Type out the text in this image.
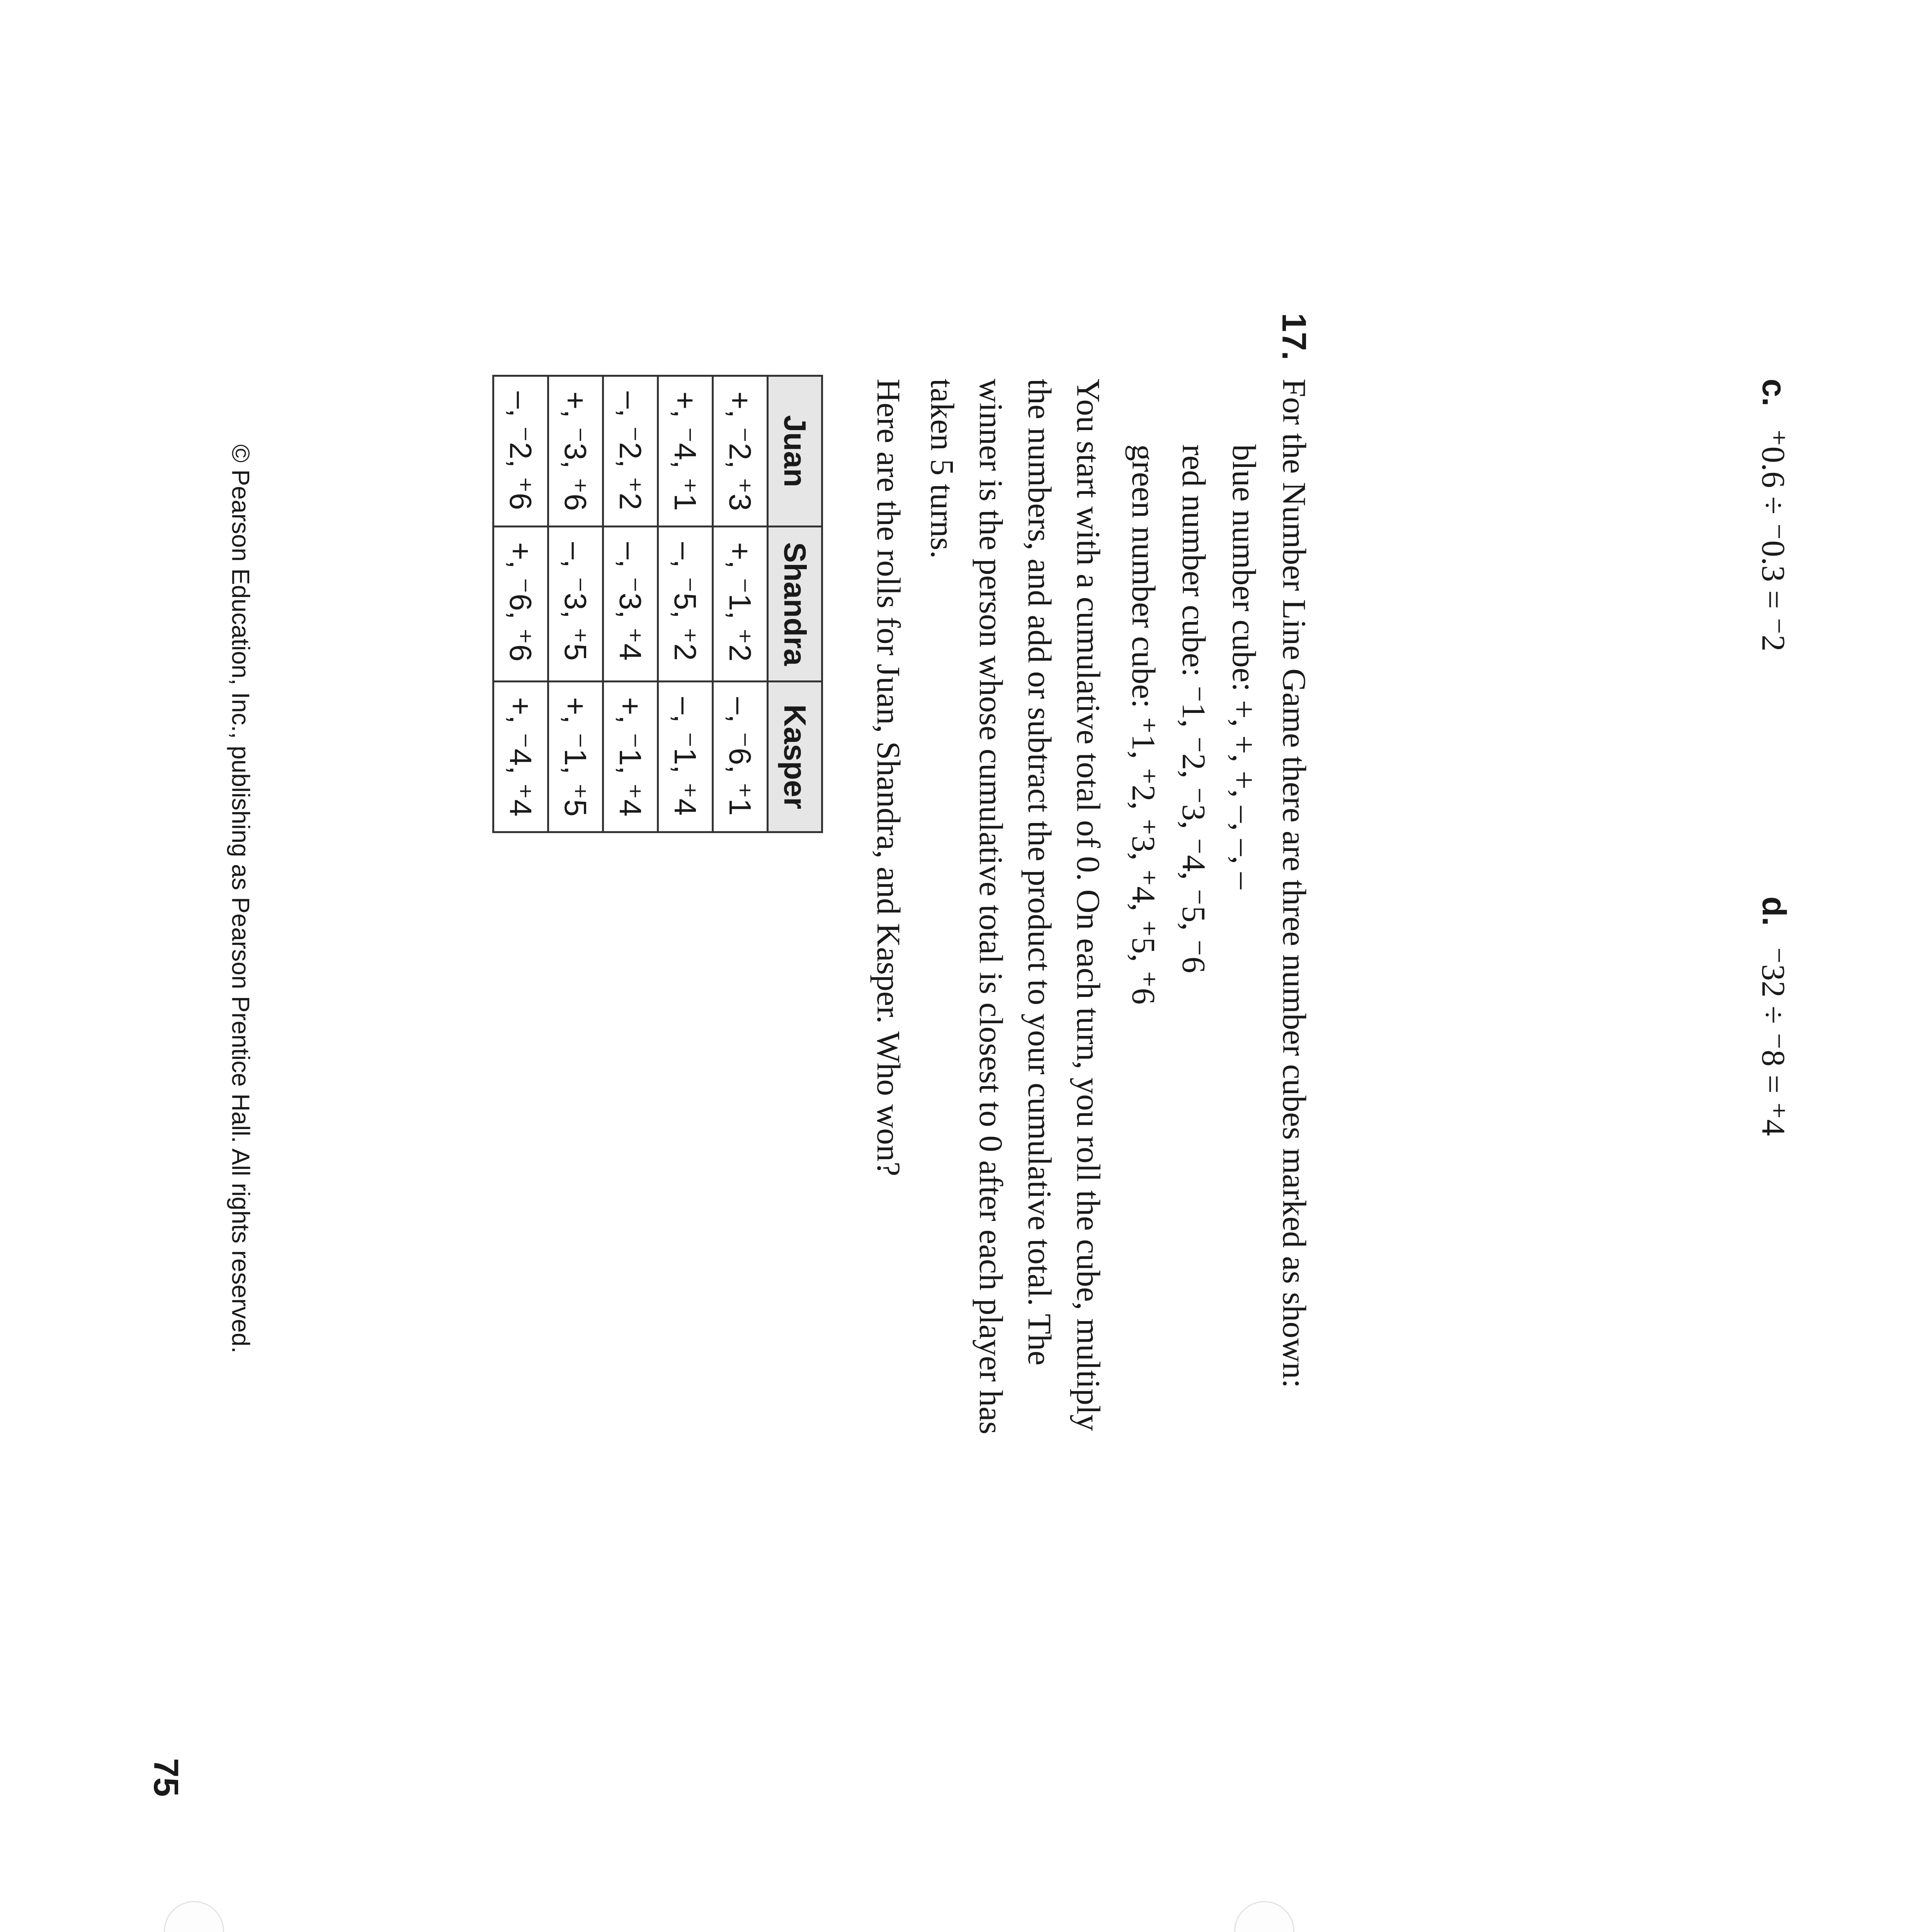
c.
⁺0.6 ÷ ⁻0.3 = ⁻2
d.
⁻32 ÷ ⁻8 = ⁺4
17.
For the Number Line Game there are three number cubes marked as shown:
blue number cube: +, +, +, –, –, –
red number cube: ⁻1, ⁻2, ⁻3, ⁻4, ⁻5, ⁻6
green number cube: ⁺1, ⁺2, ⁺3, ⁺4, ⁺5, ⁺6
You start with a cumulative total of 0. On each turn, you roll the cube, multiply the numbers, and add or subtract the product to your cumulative total. The winner is the person whose cumulative total is closest to 0 after each player has taken 5 turns.
Here are the rolls for Juan, Shandra, and Kasper. Who won?
Juan	Shandra	Kasper
+, ⁻2, ⁺3	+, ⁻1, ⁺2	–, ⁻6, ⁺1
+, ⁻4, ⁺1	–, ⁻5, ⁺2	–, ⁻1, ⁺4
–, ⁻2, ⁺2	–, ⁻3, ⁺4	+, ⁻1, ⁺4
+, ⁻3, ⁺6	–, ⁻3, ⁺5	+, ⁻1, ⁺5
–, ⁻2, ⁺6	+, ⁻6, ⁺6	+, ⁻4, ⁺4
© Pearson Education, Inc., publishing as Pearson Prentice Hall. All rights reserved.
75
